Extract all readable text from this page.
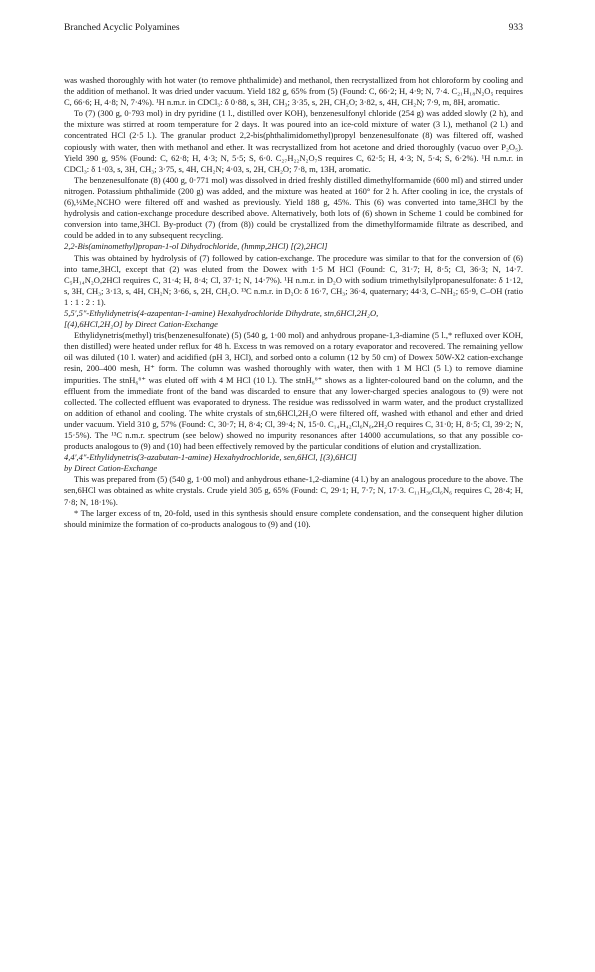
Branched Acyclic Polyamines	933

was washed thoroughly with hot water (to remove phthalimide) and methanol, then recrystallized from hot chloroform by cooling and the addition of methanol. It was dried under vacuum. Yield 182 g, 65% from (5) (Found: C, 66·2; H, 4·9; N, 7·4. C₂₁H₁₈N₂O₅ requires C, 66·6; H, 4·8; N, 7·4%). ¹H n.m.r. in CDCl₃: δ 0·88, s, 3H, CH₃; 3·35, s, 2H, CH₂O; 3·82, s, 4H, CH₂N; 7·9, m, 8H, aromatic.

To (7) (300 g, 0·793 mol) in dry pyridine (1 l., distilled over KOH), benzenesulfonyl chloride (254 g) was added slowly (2 h), and the mixture was stirred at room temperature for 2 days. It was poured into an ice-cold mixture of water (3 l.), methanol (2 l.) and concentrated HCl (2·5 l.). The granular product 2,2-bis(phthalimidomethyl)propyl benzenesulfonate (8) was filtered off, washed copiously with water, then with methanol and ether. It was recrystallized from hot acetone and dried thoroughly (vacuo over P₂O₅). Yield 390 g, 95% (Found: C, 62·8; H, 4·3; N, 5·5; S, 6·0. C₂₇H₂₂N₂O₇S requires C, 62·5; H, 4·3; N, 5·4; S, 6·2%). ¹H n.m.r. in CDCl₃: δ 1·03, s, 3H, CH₃; 3·75, s, 4H, CH₂N; 4·03, s, 2H, CH₂O; 7·8, m, 13H, aromatic.

The benzenesulfonate (8) (400 g, 0·771 mol) was dissolved in dried freshly distilled dimethylformamide (600 ml) and stirred under nitrogen. Potassium phthalimide (200 g) was added, and the mixture was heated at 160° for 2 h. After cooling in ice, the crystals of (6),½Me₂NCHO were filtered off and washed as previously. Yield 188 g, 45%. This (6) was converted into tame,3HCl by the hydrolysis and cation-exchange procedure described above. Alternatively, both lots of (6) shown in Scheme 1 could be combined for conversion into tame,3HCl. By-product (7) (from (8)) could be crystallized from the dimethylformamide filtrate as described, and could be added in to any subsequent recycling.

2,2-Bis(aminomethyl)propan-1-ol Dihydrochloride, (hmmp,2HCl) [(2),2HCl]

This was obtained by hydrolysis of (7) followed by cation-exchange. The procedure was similar to that for the conversion of (6) into tame,3HCl, except that (2) was eluted from the Dowex with 1·5 M HCl (Found: C, 31·7; H, 8·5; Cl, 36·3; N, 14·7. C₅H₁₄N₂O,2HCl requires C, 31·4; H, 8·4; Cl, 37·1; N, 14·7%). ¹H n.m.r. in D₂O with sodium trimethylsilylpropanesulfonate: δ 1·12, s, 3H, CH₃; 3·13, s, 4H, CH₂N; 3·66, s, 2H, CH₂O. ¹³C n.m.r. in D₂O: δ 16·7, CH₃; 36·4, quaternary; 44·3, C–NH₂; 65·9, C–OH (ratio 1 : 1 : 2 : 1).

5,5′,5″-Ethylidynetris(4-azapentan-1-amine) Hexahydrochloride Dihydrate, stn,6HCl,2H₂O,

[(4),6HCl,2H₂O] by Direct Cation-Exchange

Ethylidynetris(methyl) tris(benzenesulfonate) (5) (540 g, 1·00 mol) and anhydrous propane-1,3-diamine (5 l.,* refluxed over KOH, then distilled) were heated under reflux for 48 h. Excess tn was removed on a rotary evaporator and recovered. The remaining yellow oil was diluted (10 l. water) and acidified (pH 3, HCl), and sorbed onto a column (12 by 50 cm) of Dowex 50W-X2 cation-exchange resin, 200–400 mesh, H⁺ form. The column was washed thoroughly with water, then with 1 M HCl (5 l.) to remove diamine impurities. The stnH₆⁶⁺ was eluted off with 4 M HCl (10 l.). The stnH₆⁶⁺ shows as a lighter-coloured band on the column, and the effluent from the immediate front of the band was discarded to ensure that any lower-charged species analogous to (9) were not collected. The collected effluent was evaporated to dryness. The residue was redissolved in warm water, and the product crystallized on addition of ethanol and cooling. The white crystals of stn,6HCl,2H₂O were filtered off, washed with ethanol and ether and dried under vacuum. Yield 310 g, 57% (Found: C, 30·7; H, 8·4; Cl, 39·4; N, 15·0. C₁₄H₄₂Cl₆N₆,2H₂O requires C, 31·0; H, 8·5; Cl, 39·2; N, 15·5%). The ¹³C n.m.r. spectrum (see below) showed no impurity resonances after 14000 accumulations, so that any possible co-products analogous to (9) and (10) had been effectively removed by the particular conditions of elution and crystallization.

4,4′,4″-Ethylidynetris(3-azabutan-1-amine) Hexahydrochloride, sen,6HCl, [(3),6HCl]

by Direct Cation-Exchange

This was prepared from (5) (540 g, 1·00 mol) and anhydrous ethane-1,2-diamine (4 l.) by an analogous procedure to the above. The sen,6HCl was obtained as white crystals. Crude yield 305 g, 65% (Found: C, 29·1; H, 7·7; N, 17·3. C₁₁H₃₆Cl₆N₆ requires C, 28·4; H, 7·8; N, 18·1%).

* The larger excess of tn, 20-fold, used in this synthesis should ensure complete condensation, and the consequent higher dilution should minimize the formation of co-products analogous to (9) and (10).
